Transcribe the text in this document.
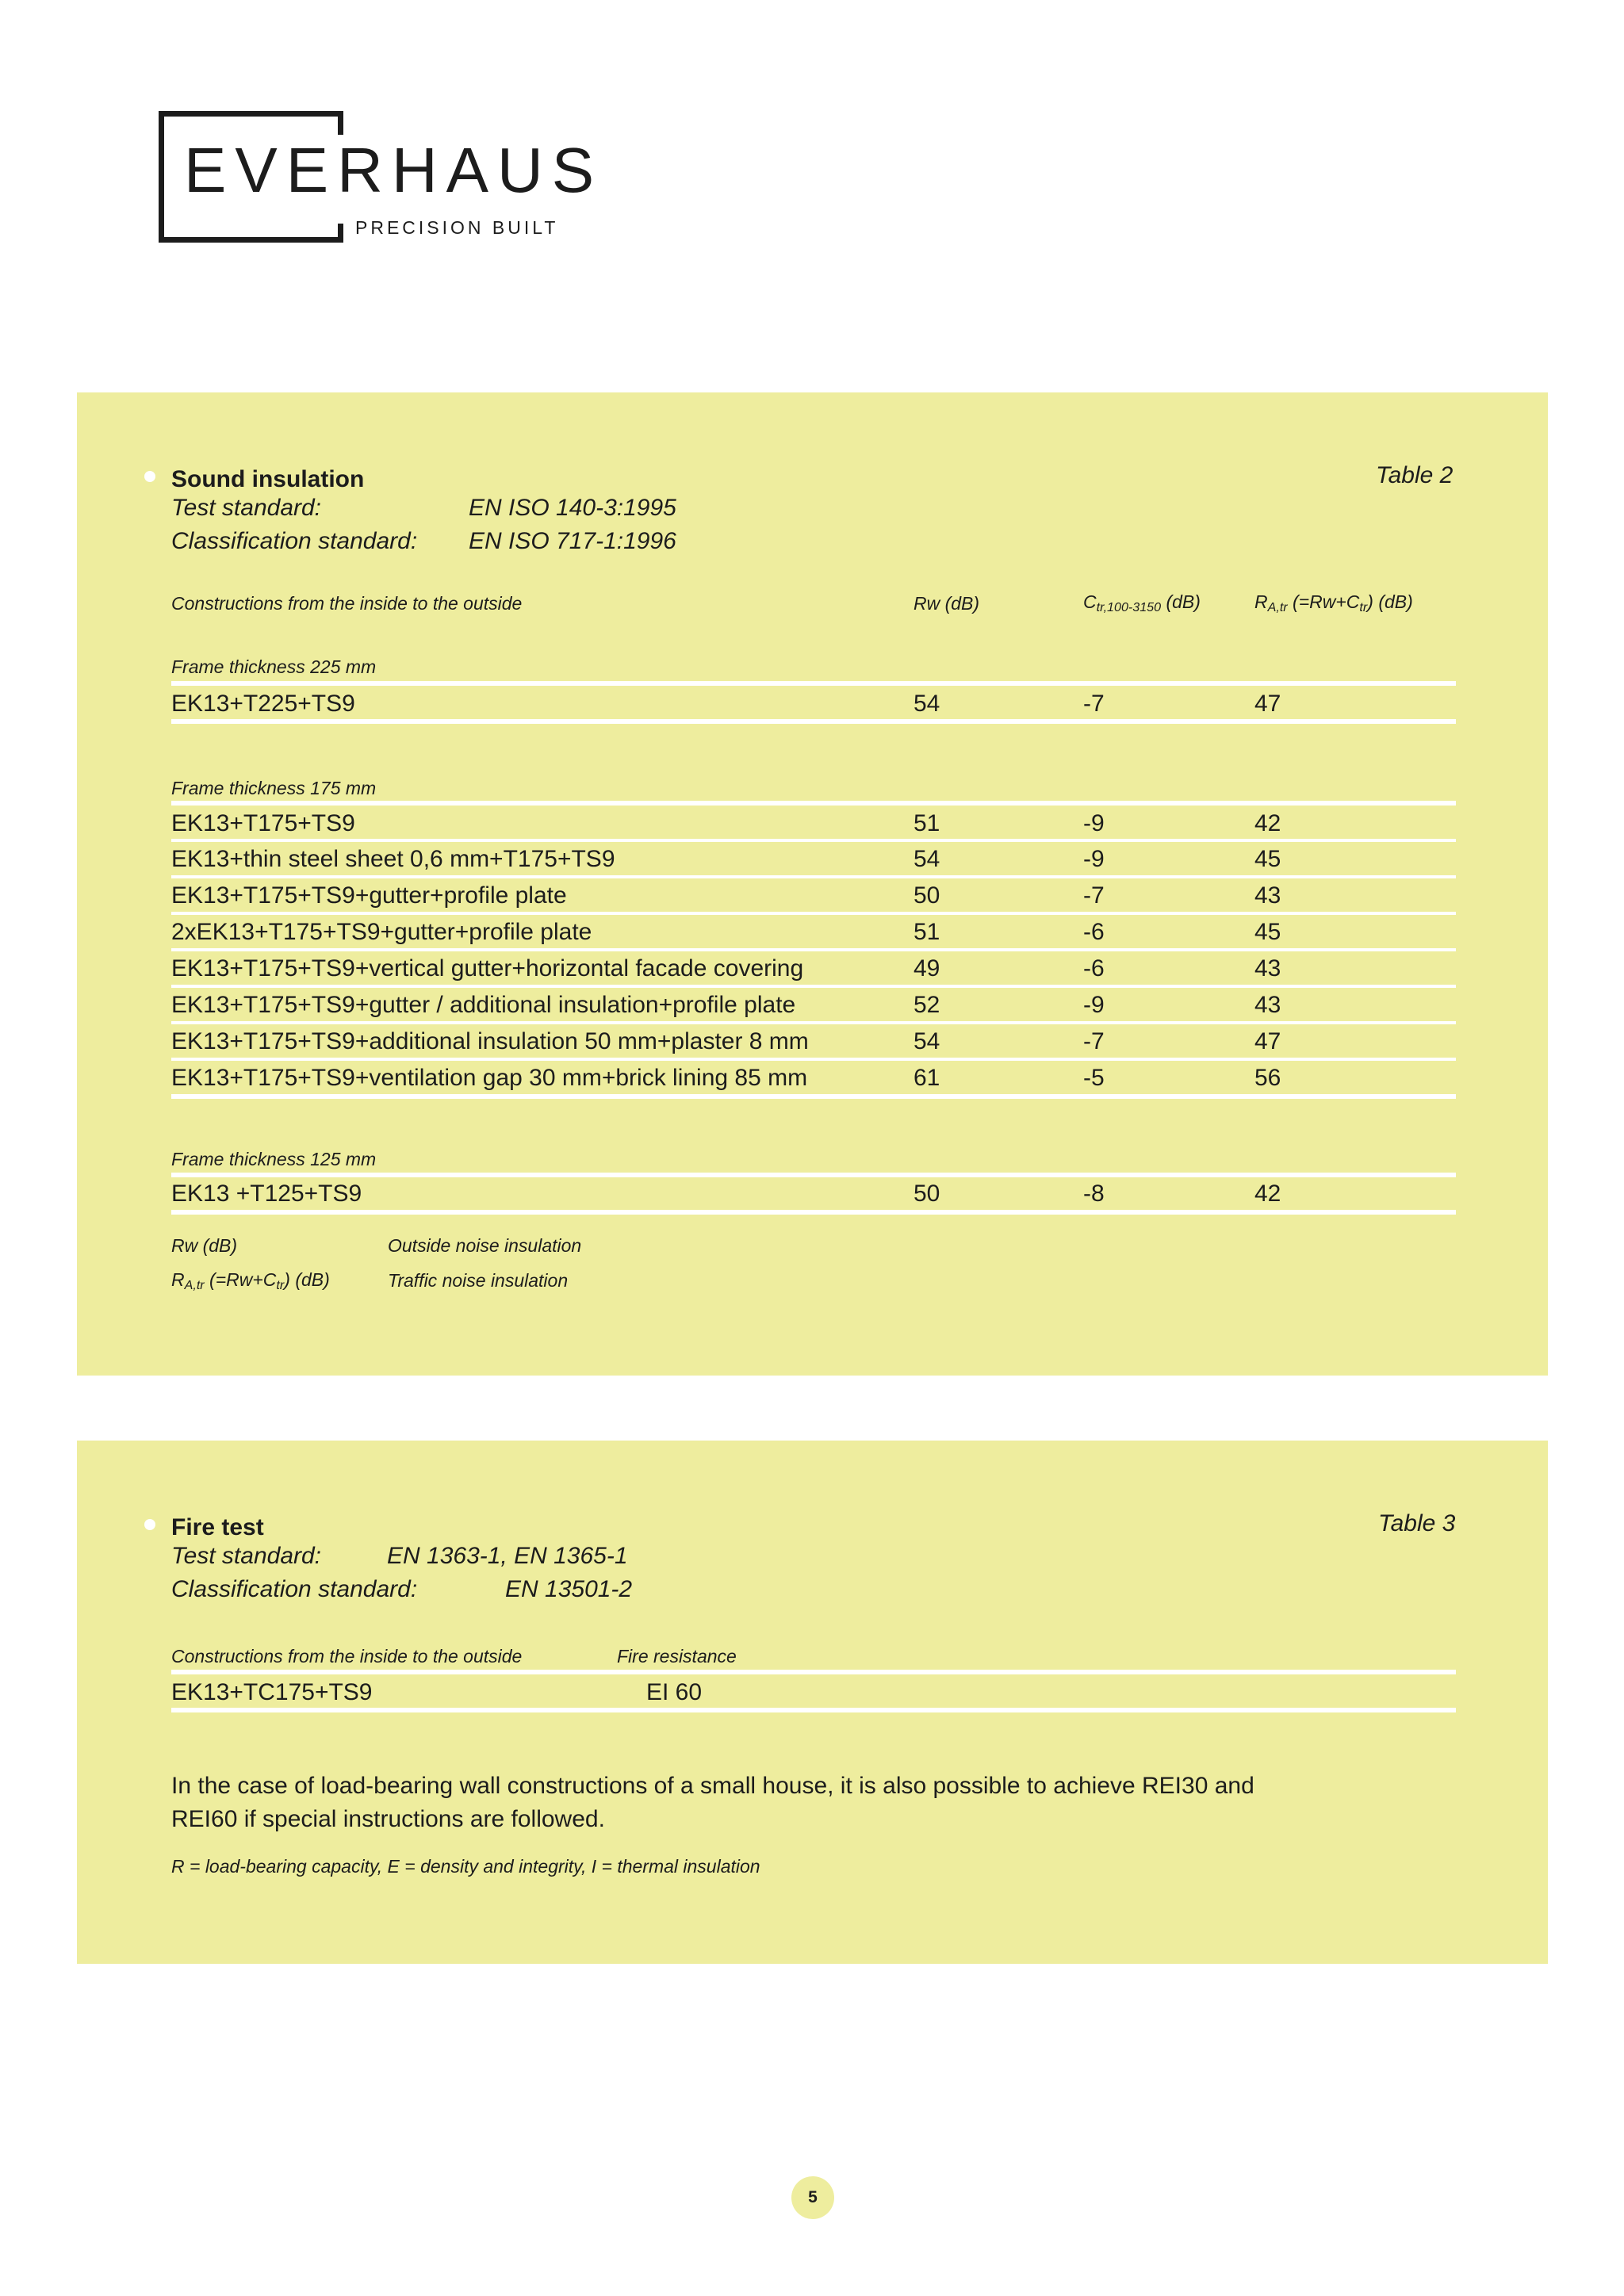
EVERHAUS
PRECISION BUILT
Sound insulation	Table 2
Test standard:	EN ISO 140-3:1995
Classification standard: EN ISO 717-1:1996
Constructions from the inside to the outside	Rw (dB)	$C_{tr,100-3150}$ (dB)	$R_{A,tr}$ $(=Rw+C_{tr})$ (dB)
Frame thickness 225 mm
EK13+T225+TS9	54	-7	47
Frame thickness 175 mm
EK13+T175+TS9	51	-9	42
EK13+thin steel sheet 0,6 mm+T175+TS9	54	-9	45
EK13+T175+TS9+gutter+profile plate	50	-7	43
2xEK13+T175+TS9+gutter+profile plate	51	-6	45
EK13+T175+TS9+vertical gutter+horizontal facade covering	49	-6	43
EK13+T175+TS9+gutter / additional insulation+profile plate	52	-9	43
EK13+T175+TS9+additional insulation 50 mm+plaster 8 mm	54	-7	47
EK13+T175+TS9+ventilation gap 30 mm+brick lining 85 mm	61	-5	56
Frame thickness 125 mm
EK13 +T125+TS9	50	-8	42
Rw (dB)	Outside noise insulation
$R_{A,tr}$ $(=Rw+C_{tr})$ (dB)	Traffic noise insulation
Fire test	Table 3
Test standard:	EN 1363-1, EN 1365-1
Classification standard:	EN 13501-2
Constructions from the inside to the outside	Fire resistance
EK13+TC175+TS9	EI 60
In the case of load-bearing wall constructions of a small house, it is also possible to achieve REI30 and
REI60 if special instructions are followed.
R = load-bearing capacity, E = density and integrity, I = thermal insulation
5
